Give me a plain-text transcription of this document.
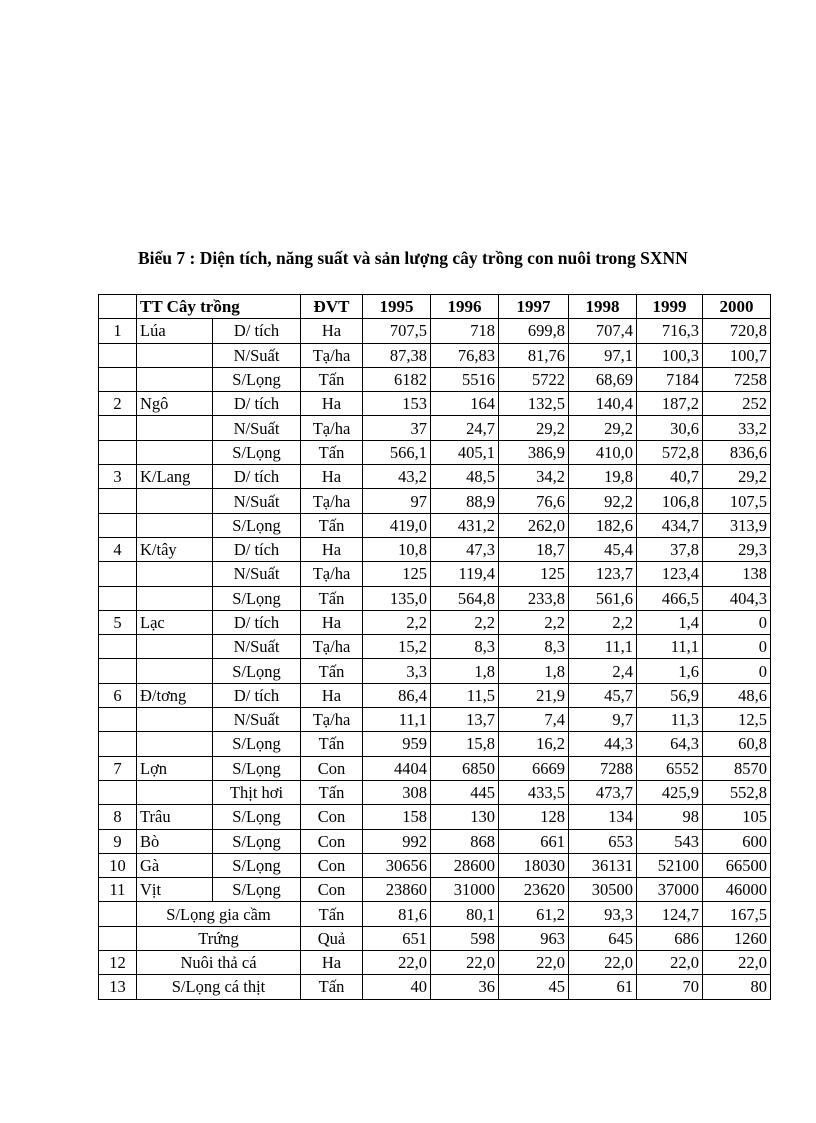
Biểu 7 : Diện tích, năng suất và sản lượng cây trồng con nuôi trong SXNN

	TT Cây trồng		ĐVT	1995	1996	1997	1998	1999	2000
1	Lúa	D/ tích	Ha	707,5	718	699,8	707,4	716,3	720,8
		N/Suất	Tạ/ha	87,38	76,83	81,76	97,1	100,3	100,7
		S/Lọng	Tấn	6182	5516	5722	68,69	7184	7258
2	Ngô	D/ tích	Ha	153	164	132,5	140,4	187,2	252
		N/Suất	Tạ/ha	37	24,7	29,2	29,2	30,6	33,2
		S/Lọng	Tấn	566,1	405,1	386,9	410,0	572,8	836,6
3	K/Lang	D/ tích	Ha	43,2	48,5	34,2	19,8	40,7	29,2
		N/Suất	Tạ/ha	97	88,9	76,6	92,2	106,8	107,5
		S/Lọng	Tấn	419,0	431,2	262,0	182,6	434,7	313,9
4	K/tây	D/ tích	Ha	10,8	47,3	18,7	45,4	37,8	29,3
		N/Suất	Tạ/ha	125	119,4	125	123,7	123,4	138
		S/Lọng	Tấn	135,0	564,8	233,8	561,6	466,5	404,3
5	Lạc	D/ tích	Ha	2,2	2,2	2,2	2,2	1,4	0
		N/Suất	Tạ/ha	15,2	8,3	8,3	11,1	11,1	0
		S/Lọng	Tấn	3,3	1,8	1,8	2,4	1,6	0
6	Đ/tơng	D/ tích	Ha	86,4	11,5	21,9	45,7	56,9	48,6
		N/Suất	Tạ/ha	11,1	13,7	7,4	9,7	11,3	12,5
		S/Lọng	Tấn	959	15,8	16,2	44,3	64,3	60,8
7	Lợn	S/Lọng	Con	4404	6850	6669	7288	6552	8570
		Thịt hơi	Tấn	308	445	433,5	473,7	425,9	552,8
8	Trâu	S/Lọng	Con	158	130	128	134	98	105
9	Bò	S/Lọng	Con	992	868	661	653	543	600
10	Gà	S/Lọng	Con	30656	28600	18030	36131	52100	66500
11	Vịt	S/Lọng	Con	23860	31000	23620	30500	37000	46000
	S/Lọng gia cầm		Tấn	81,6	80,1	61,2	93,3	124,7	167,5
	Trứng		Quả	651	598	963	645	686	1260
12	Nuôi thả cá		Ha	22,0	22,0	22,0	22,0	22,0	22,0
13	S/Lọng cá thịt		Tấn	40	36	45	61	70	80
